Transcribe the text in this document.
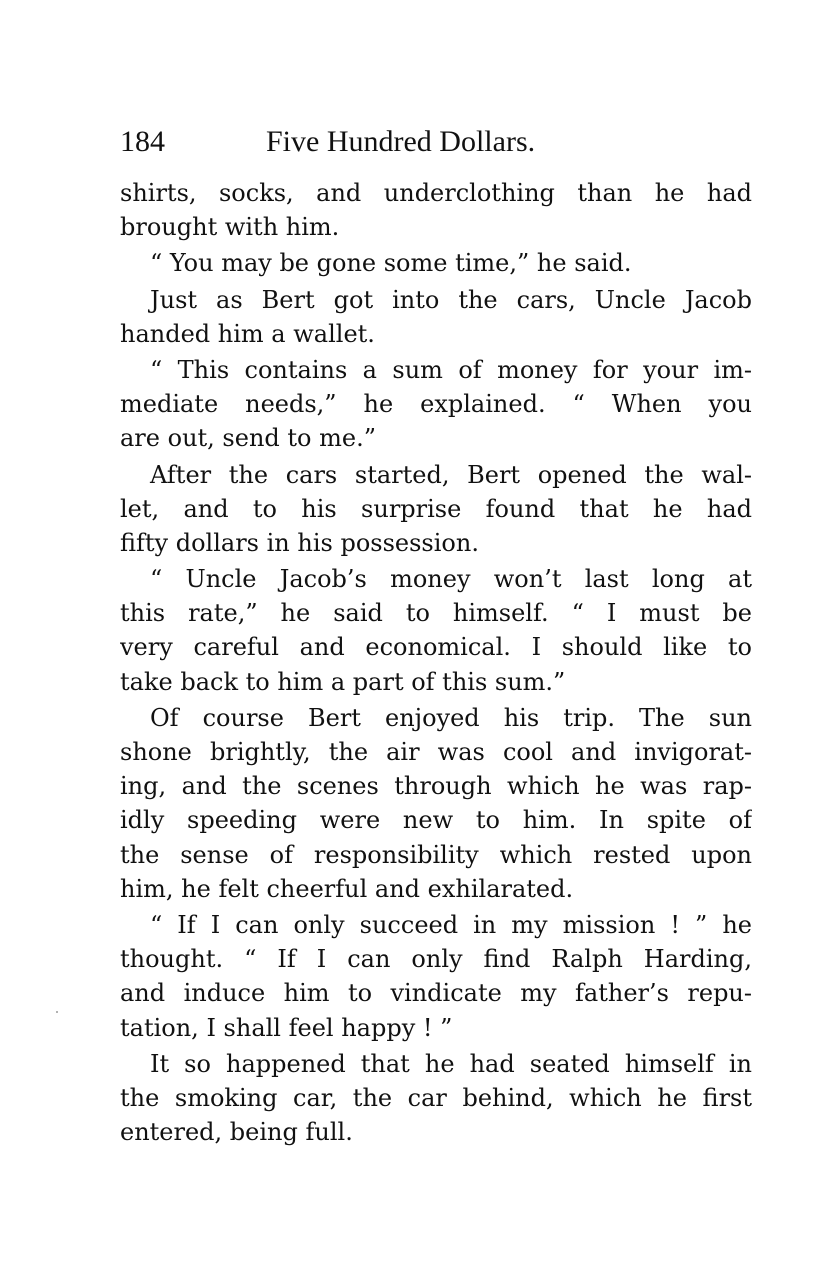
184	Five Hundred Dollars.
shirts, socks, and underclothing than he had
brought with him.
“ You may be gone some time,” he said.
Just as Bert got into the cars, Uncle Jacob
handed him a wallet.
“ This contains a sum of money for your im-
mediate needs,” he explained. “ When you
are out, send to me.”
After the cars started, Bert opened the wal-
let, and to his surprise found that he had
fifty dollars in his possession.
“ Uncle Jacob’s money won’t last long at
this rate,” he said to himself. “ I must be
very careful and economical. I should like to
take back to him a part of this sum.”
Of course Bert enjoyed his trip. The sun
shone brightly, the air was cool and invigorat-
ing, and the scenes through which he was rap-
idly speeding were new to him. In spite of
the sense of responsibility which rested upon
him, he felt cheerful and exhilarated.
“ If I can only succeed in my mission ! ” he
thought. “ If I can only find Ralph Harding,
and induce him to vindicate my father’s repu-
tation, I shall feel happy ! ”
It so happened that he had seated himself in
the smoking car, the car behind, which he first
entered, being full.
